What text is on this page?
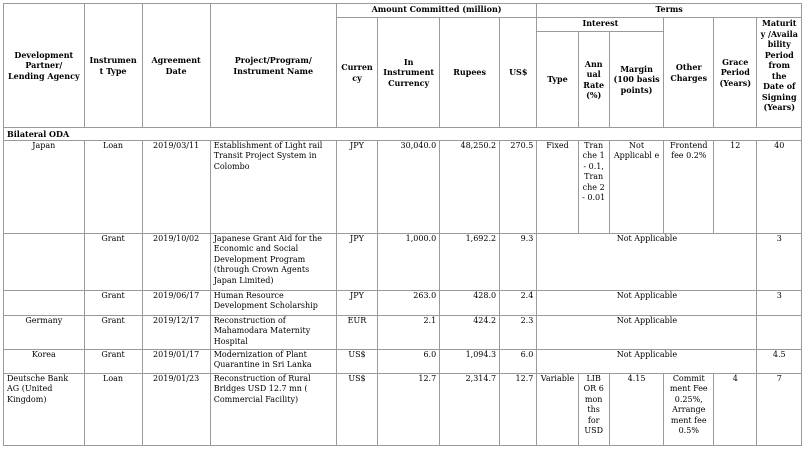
Development Partner/ Lending Agency	Instrumen t Type	Agreement Date	Project/Program/ Instrument Name	Amount Committed (million)				Terms					
				Curren cy	In Instrument Currency	Rupees	US$	Interest			Other Charges	Grace Period (Years)	Maturit y /Availa bility Period from the Date of Signing (Years)
								Type	Ann ual Rate (%)	Margin (100 basis points)			
Bilateral ODA													
Japan	Loan	2019/03/11	Establishment of Light rail Transit Project System in Colombo	JPY	30,040.0	48,250.2	270.5	Fixed	Tran che 1 - 0.1, Tran che 2 - 0.01	Not Applicabl e	Frontend fee 0.2%	12	40
	Grant	2019/10/02	Japanese Grant Aid for the Economic and Social Development Program (through Crown Agents Japan Limited)	JPY	1,000.0	1,692.2	9.3	Not Applicable					3
	Grant	2019/06/17	Human Resource Development Scholarship	JPY	263.0	428.0	2.4	Not Applicable					3
Germany	Grant	2019/12/17	Reconstruction of Mahamodara Maternity Hospital	EUR	2.1	424.2	2.3	Not Applicable					
Korea	Grant	2019/01/17	Modernization of Plant Quarantine in Sri Lanka	US$	6.0	1,094.3	6.0	Not Applicable					4.5
Deutsche Bank AG (United Kingdom)	Loan	2019/01/23	Reconstruction of Rural Bridges USD 12.7 mn ( Commercial Facility)	US$	12.7	2,314.7	12.7	Variable	LIB OR 6 mon ths for USD	4.15	Commit ment Fee 0.25%, Arrange ment fee 0.5%	4	7
